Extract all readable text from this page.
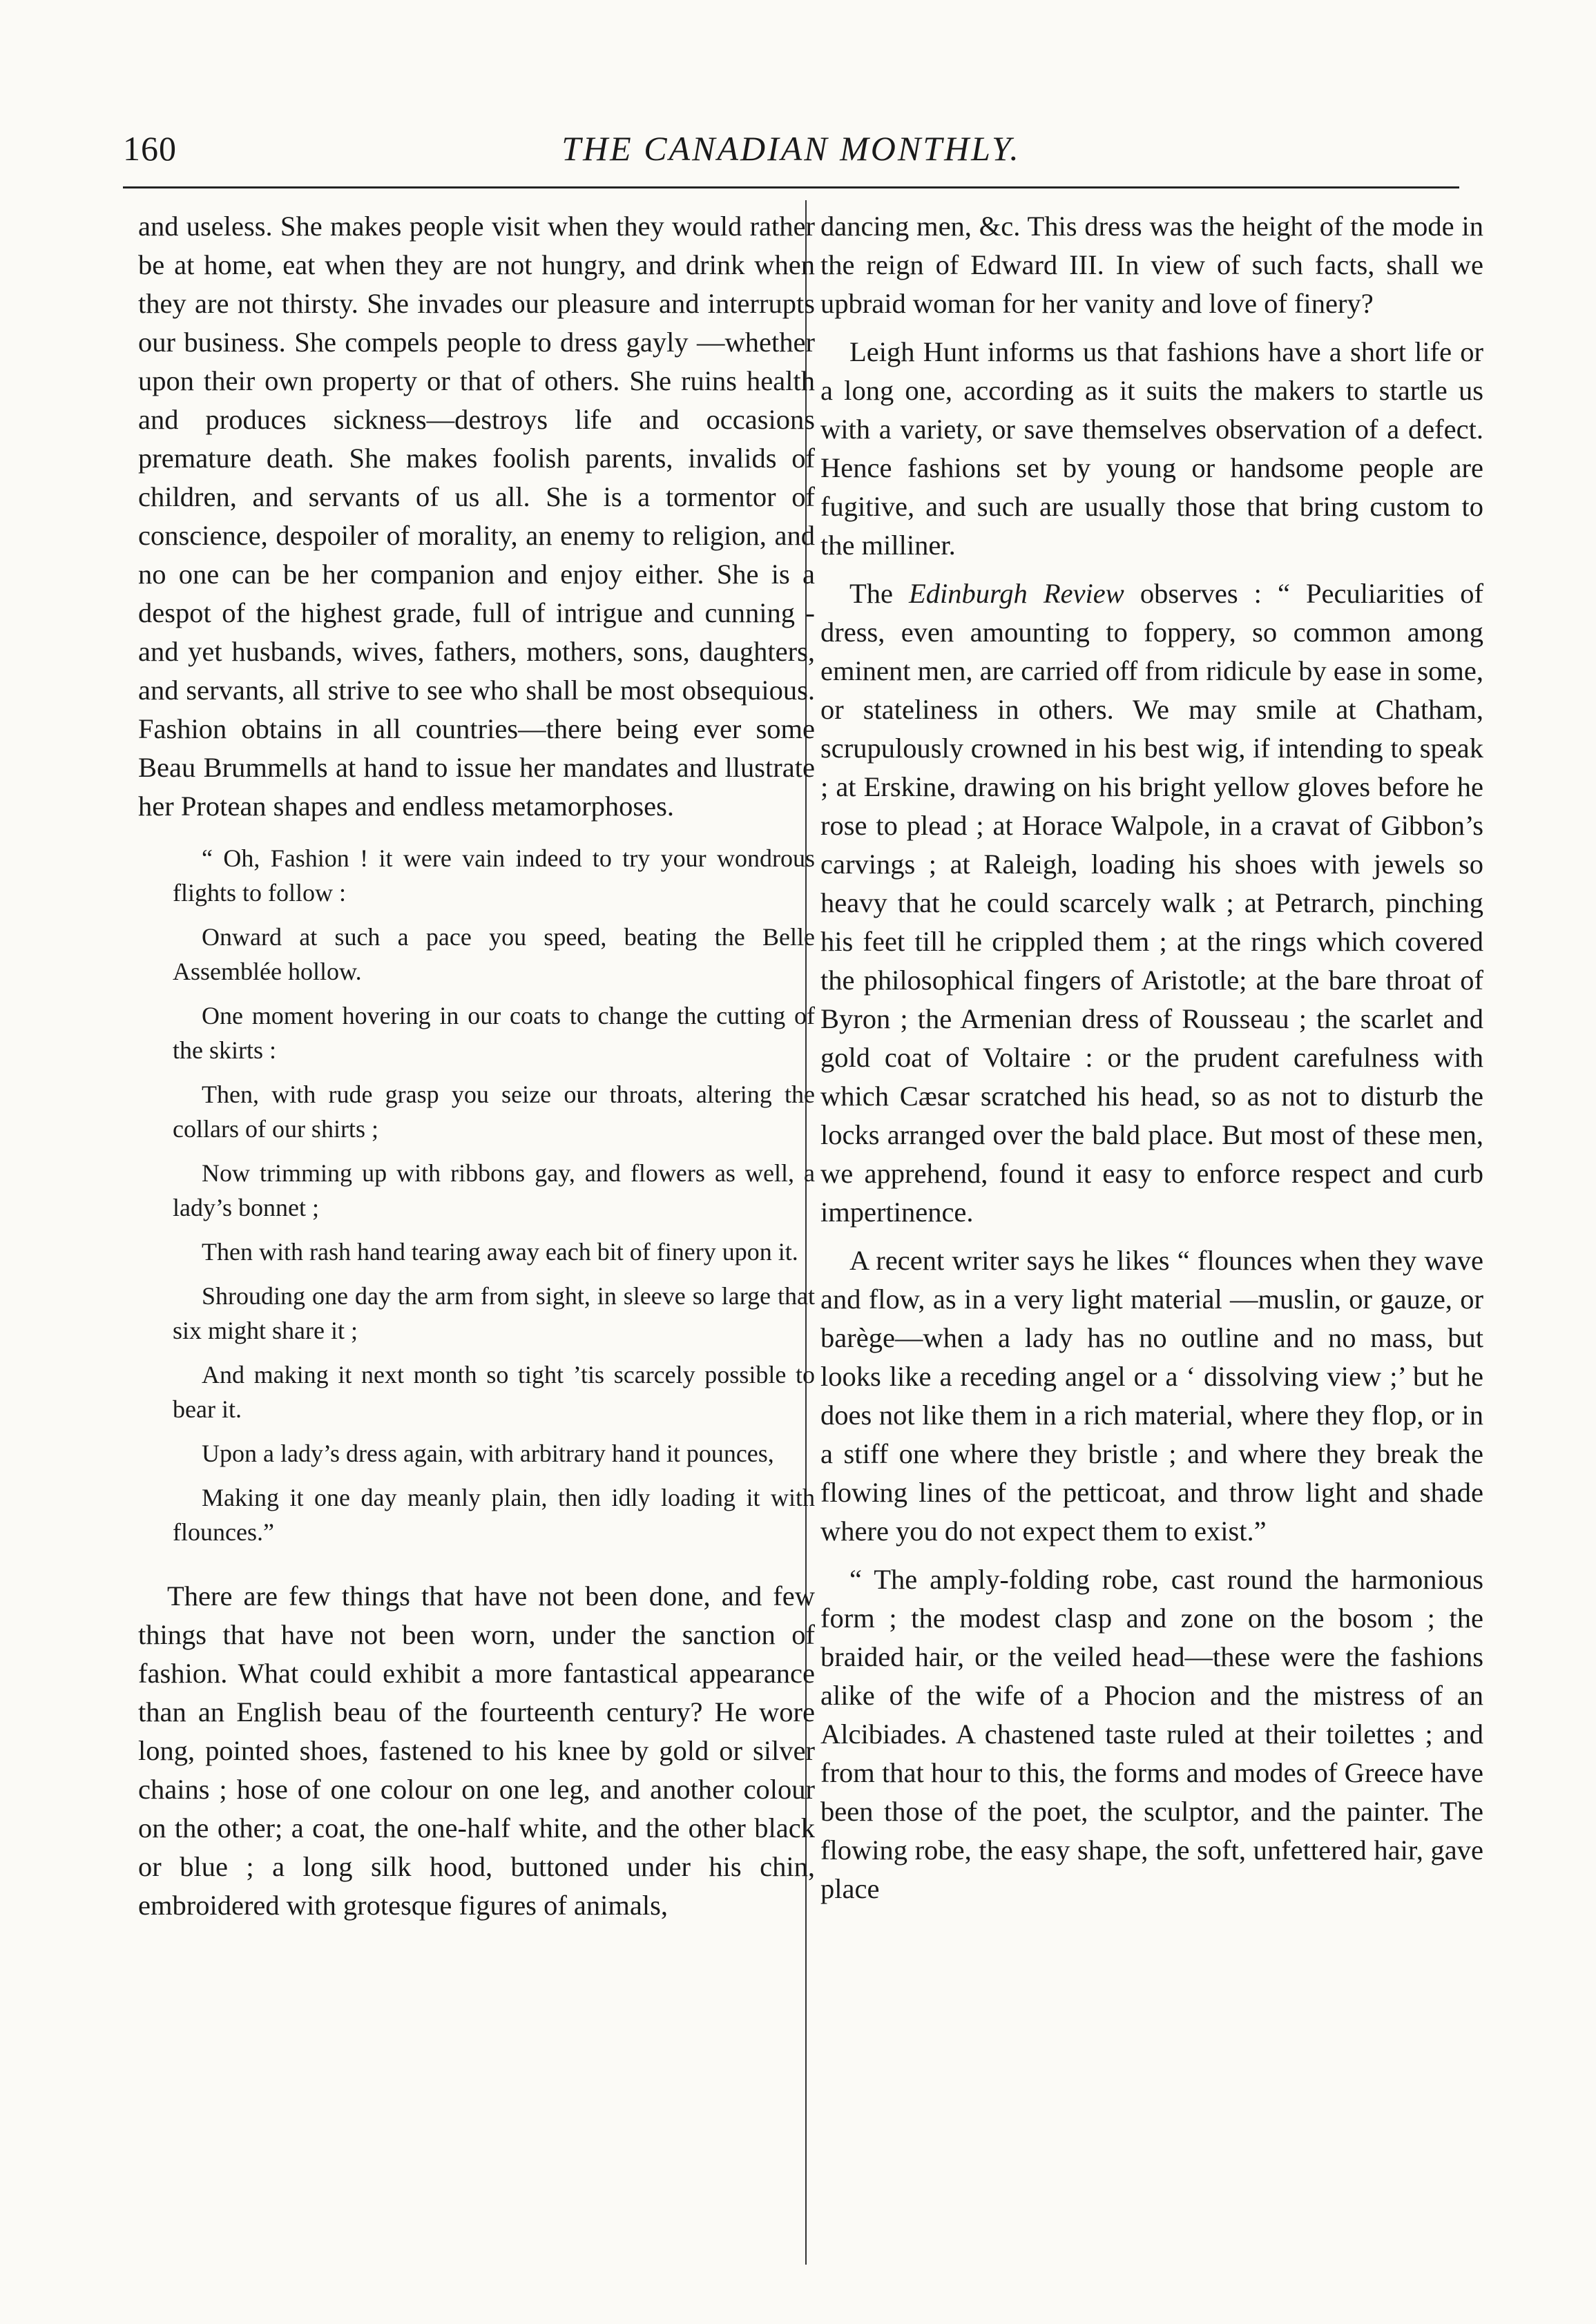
160	THE CANADIAN MONTHLY.

and useless. She makes people visit when they would rather be at home, eat when they are not hungry, and drink when they are not thirsty. She invades our pleasure and interrupts our business. She compels people to dress gayly —whether upon their own property or that of others. She ruins health and produces sickness—destroys life and occasions premature death. She makes foolish parents, invalids of children, and servants of us all. She is a tormentor of conscience, despoiler of morality, an enemy to religion, and no one can be her companion and enjoy either. She is a despot of the highest grade, full of intrigue and cunning - and yet husbands, wives, fathers, mothers, sons, daughters, and servants, all strive to see who shall be most obsequious. Fashion obtains in all countries—there being ever some Beau Brummells at hand to issue her mandates and llustrate her Protean shapes and endless metamorphoses.

“ Oh, Fashion ! it were vain indeed to try your wondrous flights to follow :

Onward at such a pace you speed, beating the Belle Assemblée hollow.

One moment hovering in our coats to change the cutting of the skirts :

Then, with rude grasp you seize our throats, altering the collars of our shirts ;

Now trimming up with ribbons gay, and flowers as well, a lady’s bonnet ;

Then with rash hand tearing away each bit of finery upon it.

Shrouding one day the arm from sight, in sleeve so large that six might share it ;

And making it next month so tight ’tis scarcely possible to bear it.

Upon a lady’s dress again, with arbitrary hand it pounces,

Making it one day meanly plain, then idly loading it with flounces.”

There are few things that have not been done, and few things that have not been worn, under the sanction of fashion. What could exhibit a more fantastical appearance than an English beau of the fourteenth century? He wore long, pointed shoes, fastened to his knee by gold or silver chains ; hose of one colour on one leg, and another colour on the other; a coat, the one-half white, and the other black or blue ; a long silk hood, buttoned under his chin, embroidered with grotesque figures of animals,

dancing men, &c. This dress was the height of the mode in the reign of Edward III. In view of such facts, shall we upbraid woman for her vanity and love of finery?

Leigh Hunt informs us that fashions have a short life or a long one, according as it suits the makers to startle us with a variety, or save themselves observation of a defect. Hence fashions set by young or handsome people are fugitive, and such are usually those that bring custom to the milliner.

The Edinburgh Review observes : “ Peculiarities of dress, even amounting to foppery, so common among eminent men, are carried off from ridicule by ease in some, or stateliness in others. We may smile at Chatham, scrupulously crowned in his best wig, if intending to speak ; at Erskine, drawing on his bright yellow gloves before he rose to plead ; at Horace Walpole, in a cravat of Gibbon’s carvings ; at Raleigh, loading his shoes with jewels so heavy that he could scarcely walk ; at Petrarch, pinching his feet till he crippled them ; at the rings which covered the philosophical fingers of Aristotle; at the bare throat of Byron ; the Armenian dress of Rousseau ; the scarlet and gold coat of Voltaire : or the prudent carefulness with which Cæsar scratched his head, so as not to disturb the locks arranged over the bald place. But most of these men, we apprehend, found it easy to enforce respect and curb impertinence.

A recent writer says he likes “ flounces when they wave and flow, as in a very light material —muslin, or gauze, or barège—when a lady has no outline and no mass, but looks like a receding angel or a ‘ dissolving view ;’ but he does not like them in a rich material, where they flop, or in a stiff one where they bristle ; and where they break the flowing lines of the petticoat, and throw light and shade where you do not expect them to exist.”

“ The amply-folding robe, cast round the harmonious form ; the modest clasp and zone on the bosom ; the braided hair, or the veiled head—these were the fashions alike of the wife of a Phocion and the mistress of an Alcibiades. A chastened taste ruled at their toilettes ; and from that hour to this, the forms and modes of Greece have been those of the poet, the sculptor, and the painter. The flowing robe, the easy shape, the soft, unfettered hair, gave place
